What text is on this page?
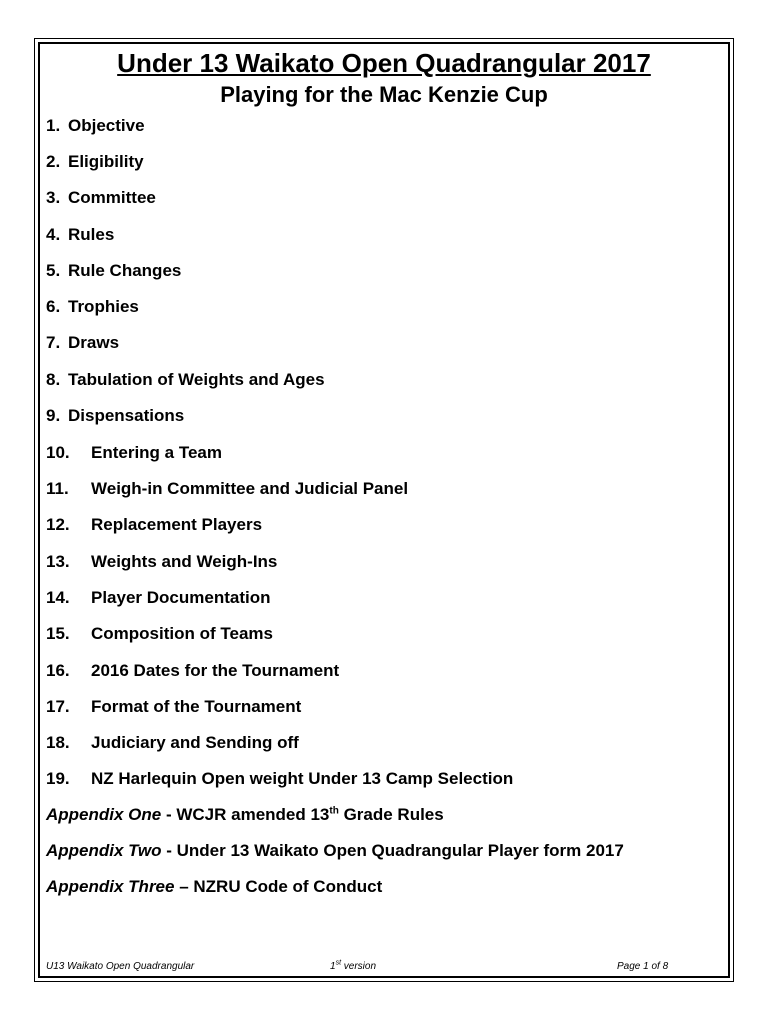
Under 13 Waikato Open Quadrangular 2017
Playing for the Mac Kenzie Cup
1. Objective
2. Eligibility
3. Committee
4. Rules
5. Rule Changes
6. Trophies
7. Draws
8. Tabulation of Weights and Ages
9. Dispensations
10. Entering a Team
11. Weigh-in Committee and Judicial Panel
12. Replacement Players
13. Weights and Weigh-Ins
14. Player Documentation
15. Composition of Teams
16. 2016 Dates for the Tournament
17. Format of the Tournament
18. Judiciary and Sending off
19. NZ Harlequin Open weight Under 13 Camp Selection
Appendix One - WCJR amended 13th Grade Rules
Appendix Two - Under 13 Waikato Open Quadrangular Player form 2017
Appendix Three – NZRU Code of Conduct
U13 Waikato Open Quadrangular	1st version	Page 1 of 8
